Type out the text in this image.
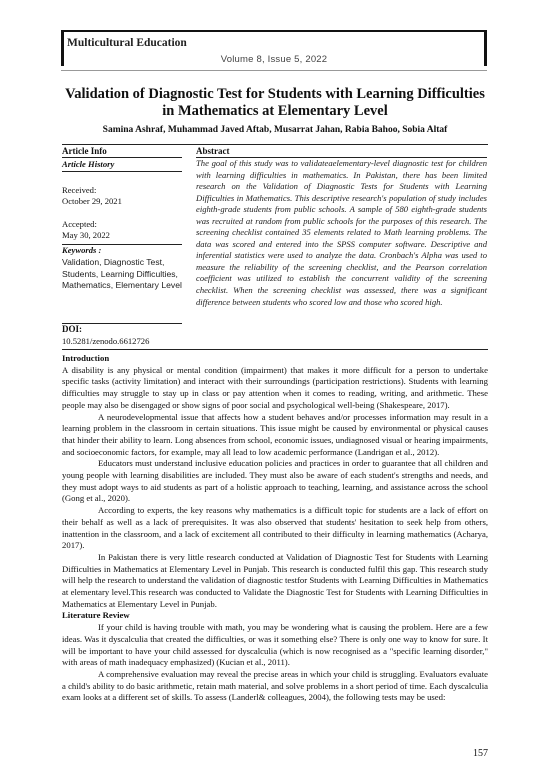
Multicultural Education
Volume 8, Issue 5, 2022
Validation of Diagnostic Test for Students with Learning Difficulties in Mathematics at Elementary Level
Samina Ashraf, Muhammad Javed Aftab, Musarrat Jahan, Rabia Bahoo, Sobia Altaf
Article Info	Abstract
Article History
Received:
October 29, 2021
Accepted:
May 30, 2022
Keywords :
Validation, Diagnostic Test, Students, Learning Difficulties, Mathematics, Elementary Level
The goal of this study was to validateaelementary-level diagnostic test for children with learning difficulties in mathematics. In Pakistan, there has been limited research on the Validation of Diagnostic Tests for Students with Learning Difficulties in Mathematics. This descriptive research's population of study includes eighth-grade students from public schools. A sample of 580 eighth-grade students was recruited at random from public schools for the purposes of this research. The screening checklist contained 35 elements related to Math learning problems. The data was scored and entered into the SPSS computer software. Descriptive and inferential statistics were used to analyze the data. Cronbach's Alpha was used to measure the reliability of the screening checklist, and the Pearson correlation coefficient was utilized to establish the concurrent validity of the screening checklist. When the screening checklist was assessed, there was a significant difference between students who scored low and those who scored high.
DOI:
10.5281/zenodo.6612726

Introduction

A disability is any physical or mental condition (impairment) that makes it more difficult for a person to undertake specific tasks (activity limitation) and interact with their surroundings (participation restrictions). Students with learning difficulties may struggle to stay up in class or pay attention when it comes to reading, writing, and arithmetic. These people may also be disengaged or show signs of poor social and psychological well-being (Shakespeare, 2017).

A neurodevelopmental issue that affects how a student behaves and/or processes information may result in a learning problem in the classroom in certain situations. This issue might be caused by environmental or physical causes that hinder their ability to learn. Long absences from school, economic issues, undiagnosed visual or hearing impairments, and socioeconomic factors, for example, may all lead to low academic performance (Landrigan et al., 2012).

Educators must understand inclusive education policies and practices in order to guarantee that all children and young people with learning disabilities are included. They must also be aware of each student's strengths and needs, and they must adopt ways to aid students as part of a holistic approach to teaching, learning, and assistance across the school (Gong et al., 2020).

According to experts, the key reasons why mathematics is a difficult topic for students are a lack of effort on their behalf as well as a lack of prerequisites. It was also observed that students' hesitation to seek help from others, inattention in the classroom, and a lack of excitement all contributed to their difficulty in learning mathematics (Acharya, 2017).

In Pakistan there is very little research conducted at Validation of Diagnostic Test for Students with Learning Difficulties in Mathematics at Elementary Level in Punjab. This research is conducted fulfil this gap. This research study will help the research to understand the validation of diagnostic testfor Students with Learning Difficulties in Mathematics at elementary level.This research was conducted to Validate the Diagnostic Test for Students with Learning Difficulties in Mathematics at Elementary Level in Punjab.

Literature Review

If your child is having trouble with math, you may be wondering what is causing the problem. Here are a few ideas. Was it dyscalculia that created the difficulties, or was it something else? There is only one way to know for sure. It will be important to have your child assessed for dyscalculia (which is now recognised as a "specific learning disorder," with areas of math inadequacy emphasized) (Kucian et al., 2011).

A comprehensive evaluation may reveal the precise areas in which your child is struggling. Evaluators evaluate a child's ability to do basic arithmetic, retain math material, and solve problems in a short period of time. Each dyscalculia exam looks at a different set of skills. To assess (Landerl& colleagues, 2004), the following tests may be used:

157
